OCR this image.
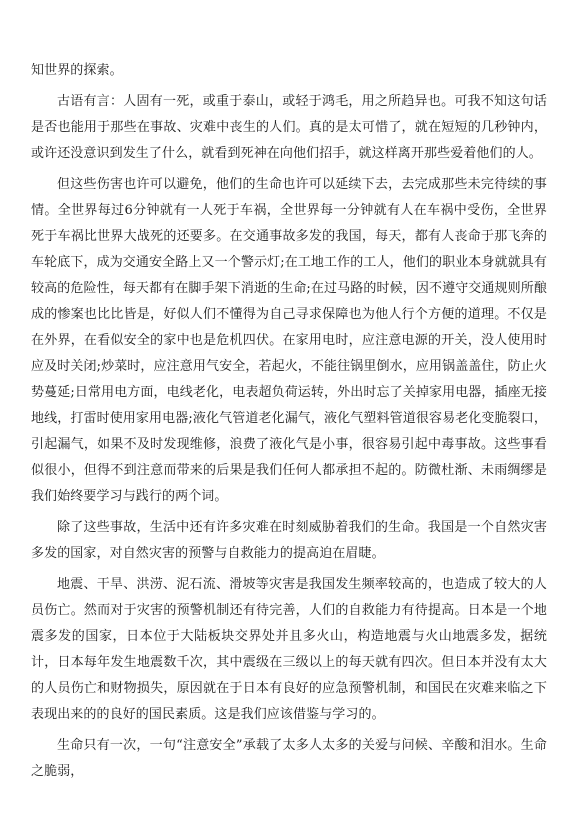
知世界的探索。

古语有言：人固有一死，或重于泰山，或轻于鸿毛，用之所趋异也。可我不知这句话是否也能用于那些在事故、灾难中丧生的人们。真的是太可惜了，就在短短的几秒钟内，或许还没意识到发生了什么，就看到死神在向他们招手，就这样离开那些爱着他们的人。

但这些伤害也许可以避免，他们的生命也许可以延续下去，去完成那些未完待续的事情。全世界每过6分钟就有一人死于车祸，全世界每一分钟就有人在车祸中受伤，全世界死于车祸比世界大战死的还要多。在交通事故多发的我国，每天，都有人丧命于那飞奔的车轮底下，成为交通安全路上又一个警示灯;在工地工作的工人，他们的职业本身就就具有较高的危险性，每天都有在脚手架下消逝的生命;在过马路的时候，因不遵守交通规则所酿成的惨案也比比皆是，好似人们不懂得为自己寻求保障也为他人行个方便的道理。不仅是在外界，在看似安全的家中也是危机四伏。在家用电时，应注意电源的开关，没人使用时应及时关闭;炒菜时，应注意用气安全，若起火，不能往锅里倒水，应用锅盖盖住，防止火势蔓延;日常用电方面，电线老化，电表超负荷运转，外出时忘了关掉家用电器，插座无接地线，打雷时使用家用电器;液化气管道老化漏气，液化气塑料管道很容易老化变脆裂口，引起漏气，如果不及时发现维修，浪费了液化气是小事，很容易引起中毒事故。这些事看似很小，但得不到注意而带来的后果是我们任何人都承担不起的。防微杜渐、未雨绸缪是我们始终要学习与践行的两个词。

除了这些事故，生活中还有许多灾难在时刻威胁着我们的生命。我国是一个自然灾害多发的国家，对自然灾害的预警与自救能力的提高迫在眉睫。

地震、干旱、洪涝、泥石流、滑坡等灾害是我国发生频率较高的，也造成了较大的人员伤亡。然而对于灾害的预警机制还有待完善，人们的自救能力有待提高。日本是一个地震多发的国家，日本位于大陆板块交界处并且多火山，构造地震与火山地震多发，据统计，日本每年发生地震数千次，其中震级在三级以上的每天就有四次。但日本并没有太大的人员伤亡和财物损失，原因就在于日本有良好的应急预警机制，和国民在灾难来临之下表现出来的的良好的国民素质。这是我们应该借鉴与学习的。

生命只有一次，一句“注意安全”承载了太多人太多的关爱与问候、辛酸和泪水。生命之脆弱，
